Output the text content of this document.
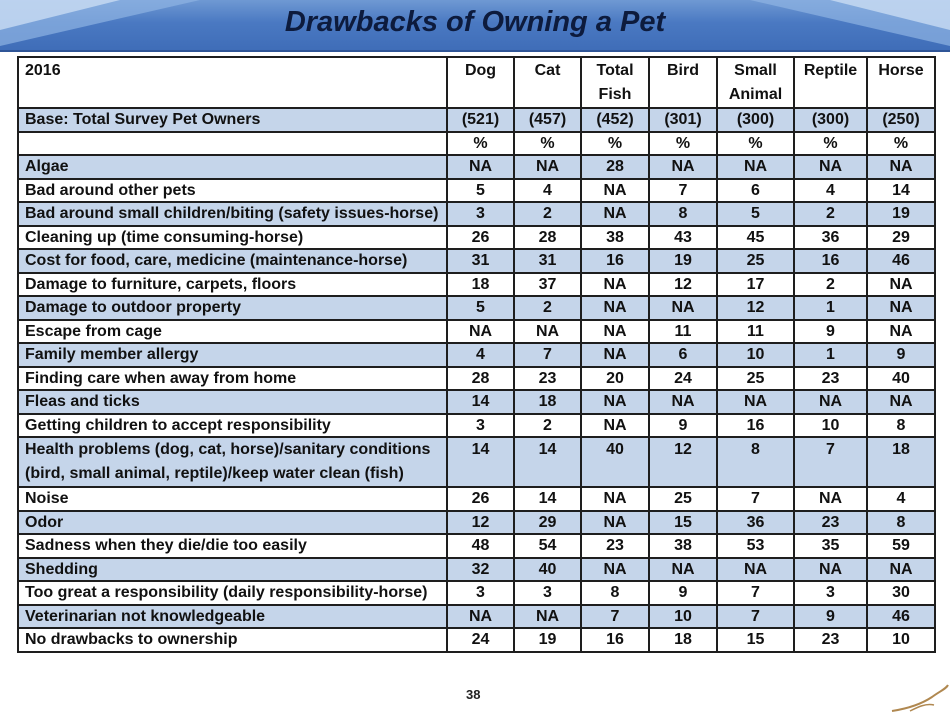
Drawbacks of Owning a Pet
2016	Dog	Cat	Total Fish	Bird	Small Animal	Reptile	Horse
Base: Total Survey Pet Owners	(521)	(457)	(452)	(301)	(300)	(300)	(250)
	%	%	%	%	%	%	%
Algae	NA	NA	28	NA	NA	NA	NA
Bad around other pets	5	4	NA	7	6	4	14
Bad around small children/biting (safety issues-horse)	3	2	NA	8	5	2	19
Cleaning up (time consuming-horse)	26	28	38	43	45	36	29
Cost for food, care, medicine (maintenance-horse)	31	31	16	19	25	16	46
Damage to furniture, carpets, floors	18	37	NA	12	17	2	NA
Damage to outdoor property	5	2	NA	NA	12	1	NA
Escape from cage	NA	NA	NA	11	11	9	NA
Family member allergy	4	7	NA	6	10	1	9
Finding care when away from home	28	23	20	24	25	23	40
Fleas and ticks	14	18	NA	NA	NA	NA	NA
Getting children to accept responsibility	3	2	NA	9	16	10	8
Health problems (dog, cat, horse)/sanitary conditions (bird, small animal, reptile)/keep water clean (fish)	14	14	40	12	8	7	18
Noise	26	14	NA	25	7	NA	4
Odor	12	29	NA	15	36	23	8
Sadness when they die/die too easily	48	54	23	38	53	35	59
Shedding	32	40	NA	NA	NA	NA	NA
Too great a responsibility (daily responsibility-horse)	3	3	8	9	7	3	30
Veterinarian not knowledgeable	NA	NA	7	10	7	9	46
No drawbacks to ownership	24	19	16	18	15	23	10
38
